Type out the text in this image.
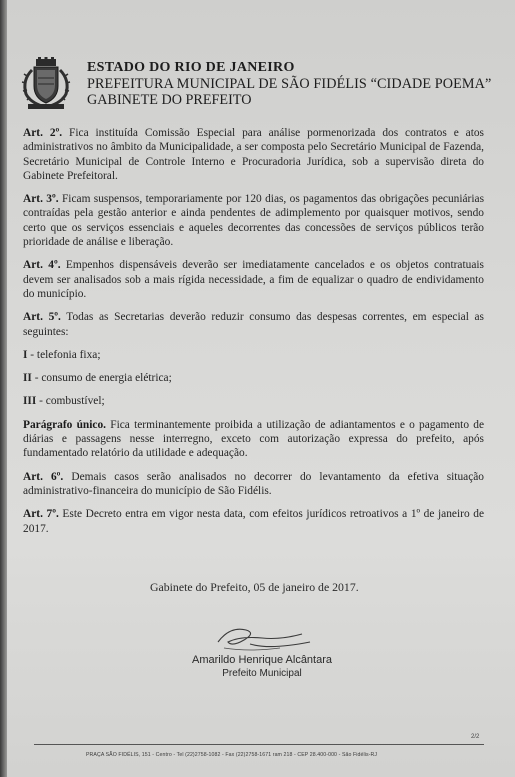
ESTADO DO RIO DE JANEIRO
PREFEITURA MUNICIPAL DE SÃO FIDÉLIS “CIDADE POEMA”
GABINETE DO PREFEITO

Art. 2º. Fica instituída Comissão Especial para análise pormenorizada dos contratos e atos administrativos no âmbito da Municipalidade, a ser composta pelo Secretário Municipal de Fazenda, Secretário Municipal de Controle Interno e Procuradoria Jurídica, sob a supervisão direta do Gabinete Prefeitoral.

Art. 3º. Ficam suspensos, temporariamente por 120 dias, os pagamentos das obrigações pecuniárias contraídas pela gestão anterior e ainda pendentes de adimplemento por quaisquer motivos, sendo certo que os serviços essenciais e aqueles decorrentes das concessões de serviços públicos terão prioridade de análise e liberação.

Art. 4º. Empenhos dispensáveis deverão ser imediatamente cancelados e os objetos contratuais devem ser analisados sob a mais rígida necessidade, a fim de equalizar o quadro de endividamento do município.

Art. 5º. Todas as Secretarias deverão reduzir consumo das despesas correntes, em especial as seguintes:

I - telefonia fixa;

II - consumo de energia elétrica;

III - combustível;

Parágrafo único. Fica terminantemente proibida a utilização de adiantamentos e o pagamento de diárias e passagens nesse interregno, exceto com autorização expressa do prefeito, após fundamentado relatório da utilidade e adequação.

Art. 6º. Demais casos serão analisados no decorrer do levantamento da efetiva situação administrativo-financeira do município de São Fidélis.

Art. 7º. Este Decreto entra em vigor nesta data, com efeitos jurídicos retroativos a 1º de janeiro de 2017.

Gabinete do Prefeito, 05 de janeiro de 2017.
Amarildo Henrique Alcântara
Prefeito Municipal
2/2
PRAÇA SÃO FIDÉLIS, 151 - Centro - Tel (22)2758-1082 - Fax (22)2758-1671 ram 218 - CEP 28.400-000 - São Fidélis-RJ
